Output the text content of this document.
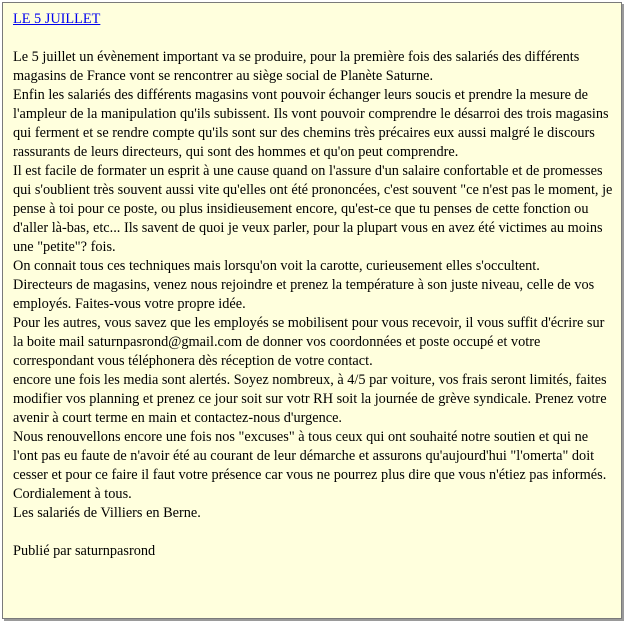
LE 5 JUILLET
Le 5 juillet un évènement important va se produire, pour la première fois des salariés des différents magasins de France vont se rencontrer au siège social de Planète Saturne.
Enfin les salariés des différents magasins vont pouvoir échanger leurs soucis et prendre la mesure de l'ampleur de la manipulation qu'ils subissent. Ils vont pouvoir comprendre le désarroi des trois magasins qui ferment et se rendre compte qu'ils sont sur des chemins très précaires eux aussi malgré le discours rassurants de leurs directeurs, qui sont des hommes et qu'on peut comprendre.
Il est facile de formater un esprit à une cause quand on l'assure d'un salaire confortable et de promesses qui s'oublient très souvent aussi vite qu'elles ont été prononcées, c'est souvent "ce n'est pas le moment, je pense à toi pour ce poste, ou plus insidieusement encore, qu'est-ce que tu penses de cette fonction ou d'aller là-bas, etc... Ils savent de quoi je veux parler, pour la plupart vous en avez été victimes au moins une "petite"? fois.
On connait tous ces techniques mais lorsqu'on voit la carotte, curieusement elles s'occultent.
Directeurs de magasins, venez nous rejoindre et prenez la température à son juste niveau, celle de vos employés. Faites-vous votre propre idée.
Pour les autres, vous savez que les employés se mobilisent pour vous recevoir, il vous suffit d'écrire sur la boite mail saturnpasrond@gmail.com de donner vos coordonnées et poste occupé et votre correspondant vous téléphonera dès réception de votre contact.
encore une fois les media sont alertés. Soyez nombreux, à 4/5 par voiture, vos frais seront limités, faites modifier vos planning et prenez ce jour soit sur votr RH soit la journée de grève syndicale. Prenez votre avenir à court terme en main et contactez-nous d'urgence.
Nous renouvellons encore une fois nos "excuses" à tous ceux qui ont souhaité notre soutien et qui ne l'ont pas eu faute de n'avoir été au courant de leur démarche et assurons qu'aujourd'hui "l'omerta" doit cesser et pour ce faire il faut votre présence car vous ne pourrez plus dire que vous n'étiez pas informés.
Cordialement à tous.
Les salariés de Villiers en Berne.
Publié par saturnpasrond
